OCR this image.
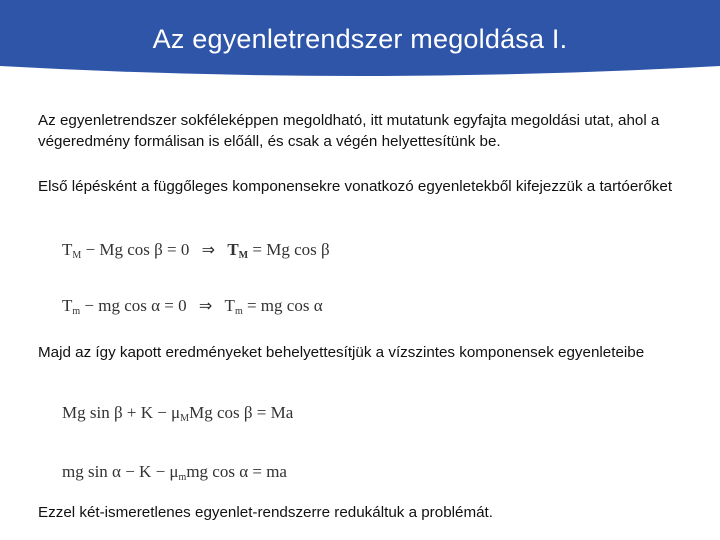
Az egyenletrendszer megoldása I.
Az egyenletrendszer sokféleképpen megoldható, itt mutatunk egyfajta megoldási utat, ahol a végeredmény formálisan is előáll, és csak a végén helyettesítünk be.
Első lépésként a függőleges komponensekre vonatkozó egyenletekből kifejezzük a tartóerőket
$T_M - Mg$ cos β = 0 ⇒ $T_M = Mg$ cos β
$T_m$ − mg cos α = 0 ⇒ $T_m$ = mg cos α
Majd az így kapott eredményeket behelyettesítjük a vízszintes komponensek egyenleteibe
Mg $\sin \beta + K - \mu_MMg$ cos β = Ma
mg $\sin \alpha - K - \mu_mmg$ cos α = ma
Ezzel két-ismeretlenes egyenlet-rendszerre redukáltuk a problémát.
